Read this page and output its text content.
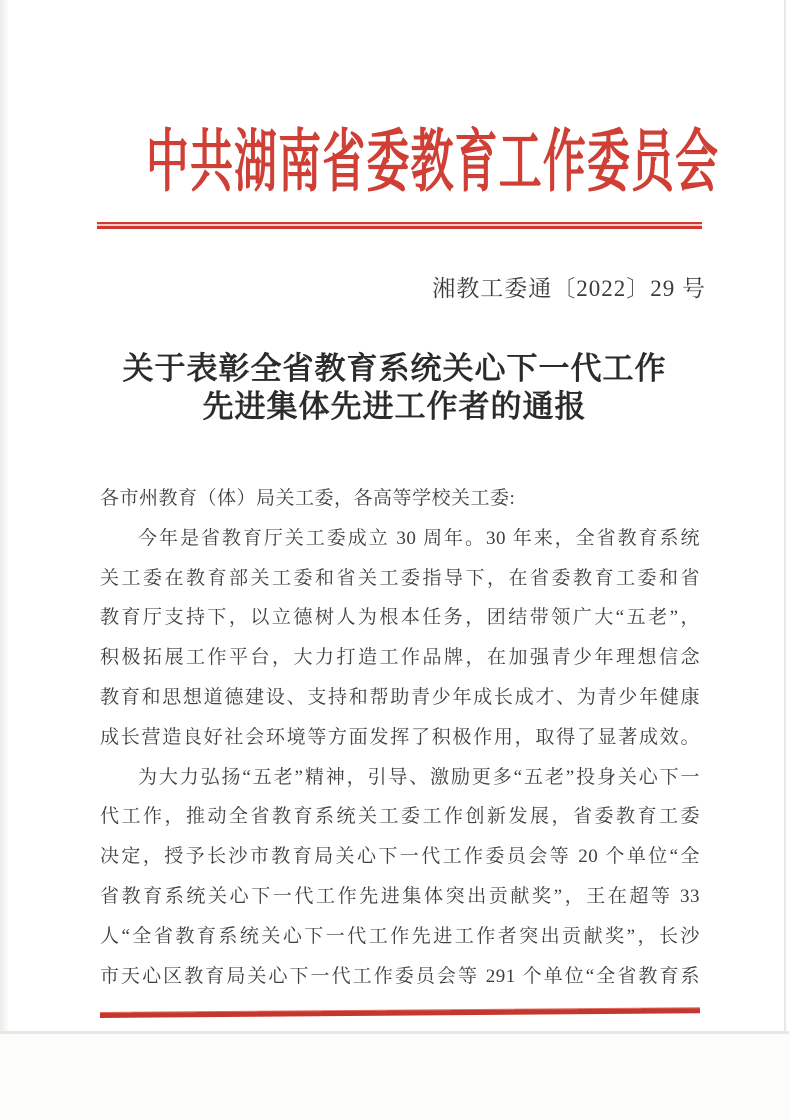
中共湖南省委教育工作委员会
湘教工委通〔2022〕29 号
关于表彰全省教育系统关心下一代工作
先进集体先进工作者的通报
各市州教育（体）局关工委，各高等学校关工委:
今年是省教育厅关工委成立 30 周年。30 年来，全省教育系统
关工委在教育部关工委和省关工委指导下，在省委教育工委和省
教育厅支持下，以立德树人为根本任务，团结带领广大“五老”，
积极拓展工作平台，大力打造工作品牌，在加强青少年理想信念
教育和思想道德建设、支持和帮助青少年成长成才、为青少年健康
成长营造良好社会环境等方面发挥了积极作用，取得了显著成效。
为大力弘扬“五老”精神，引导、激励更多“五老”投身关心下一
代工作，推动全省教育系统关工委工作创新发展，省委教育工委
决定，授予长沙市教育局关心下一代工作委员会等 20 个单位“全
省教育系统关心下一代工作先进集体突出贡献奖”，王在超等 33
人“全省教育系统关心下一代工作先进工作者突出贡献奖”，长沙
市天心区教育局关心下一代工作委员会等 291 个单位“全省教育系
